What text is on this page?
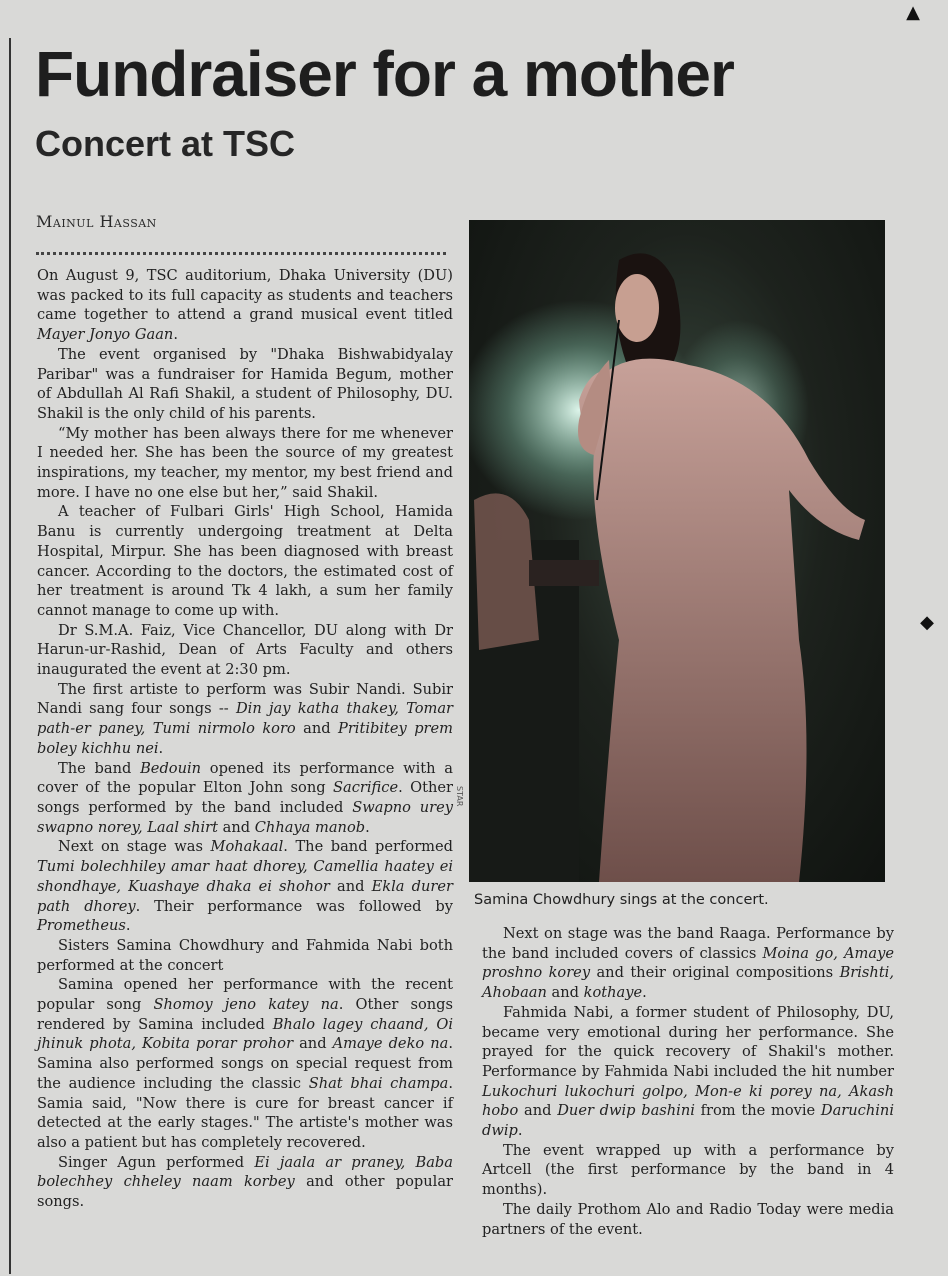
▲
◆
Fundraiser for a mother
Concert at TSC
Mainul Hassan

On August 9, TSC auditorium, Dhaka University (DU) was packed to its full capacity as students and teachers came together to attend a grand musical event titled Mayer Jonyo Gaan.

The event organised by "Dhaka Bishwabidyalay Paribar" was a fundraiser for Hamida Begum, mother of Abdullah Al Rafi Shakil, a student of Philosophy, DU. Shakil is the only child of his parents.

“My mother has been always there for me whenever I needed her. She has been the source of my greatest inspirations, my teacher, my mentor, my best friend and more. I have no one else but her,” said Shakil.

A teacher of Fulbari Girls' High School, Hamida Banu is currently undergoing treatment at Delta Hospital, Mirpur. She has been diagnosed with breast cancer. According to the doctors, the estimated cost of her treatment is around Tk 4 lakh, a sum her family cannot manage to come up with.

Dr S.M.A. Faiz, Vice Chancellor, DU along with Dr Harun-ur-Rashid, Dean of Arts Faculty and others inaugurated the event at 2:30 pm.

The first artiste to perform was Subir Nandi. Subir Nandi sang four songs -- Din jay katha thakey, Tomar path-er paney, Tumi nirmolo koro and Pritibitey prem boley kichhu nei.

The band Bedouin opened its performance with a cover of the popular Elton John song Sacrifice. Other songs performed by the band included Swapno urey swapno norey, Laal shirt and Chhaya manob.

Next on stage was Mohakaal. The band performed Tumi bolechhiley amar haat dhorey, Camellia haatey ei shondhaye, Kuashaye dhaka ei shohor and Ekla durer path dhorey. Their performance was followed by Prometheus.

Sisters Samina Chowdhury and Fahmida Nabi both performed at the concert

Samina opened her performance with the recent popular song Shomoy jeno katey na. Other songs rendered by Samina included Bhalo lagey chaand, Oi jhinuk phota, Kobita porar prohor and Amaye deko na. Samina also performed songs on special request from the audience including the classic Shat bhai champa. Samia said, "Now there is cure for breast cancer if detected at the early stages." The artiste's mother was also a patient but has completely recovered.

Singer Agun performed Ei jaala ar praney, Baba bolechhey chheley naam korbey and other popular songs.

STAR
Samina Chowdhury sings at the concert.

Next on stage was the band Raaga. Performance by the band included covers of classics Moina go, Amaye proshno korey and their original compositions Brishti, Ahobaan and kothaye.

Fahmida Nabi, a former student of Philosophy, DU, became very emotional during her performance. She prayed for the quick recovery of Shakil's mother. Performance by Fahmida Nabi included the hit number Lukochuri lukochuri golpo, Mon-e ki porey na, Akash hobo and Duer dwip bashini from the movie Daruchini dwip.

The event wrapped up with a performance by Artcell (the first performance by the band in 4 months).

The daily Prothom Alo and Radio Today were media partners of the event.
